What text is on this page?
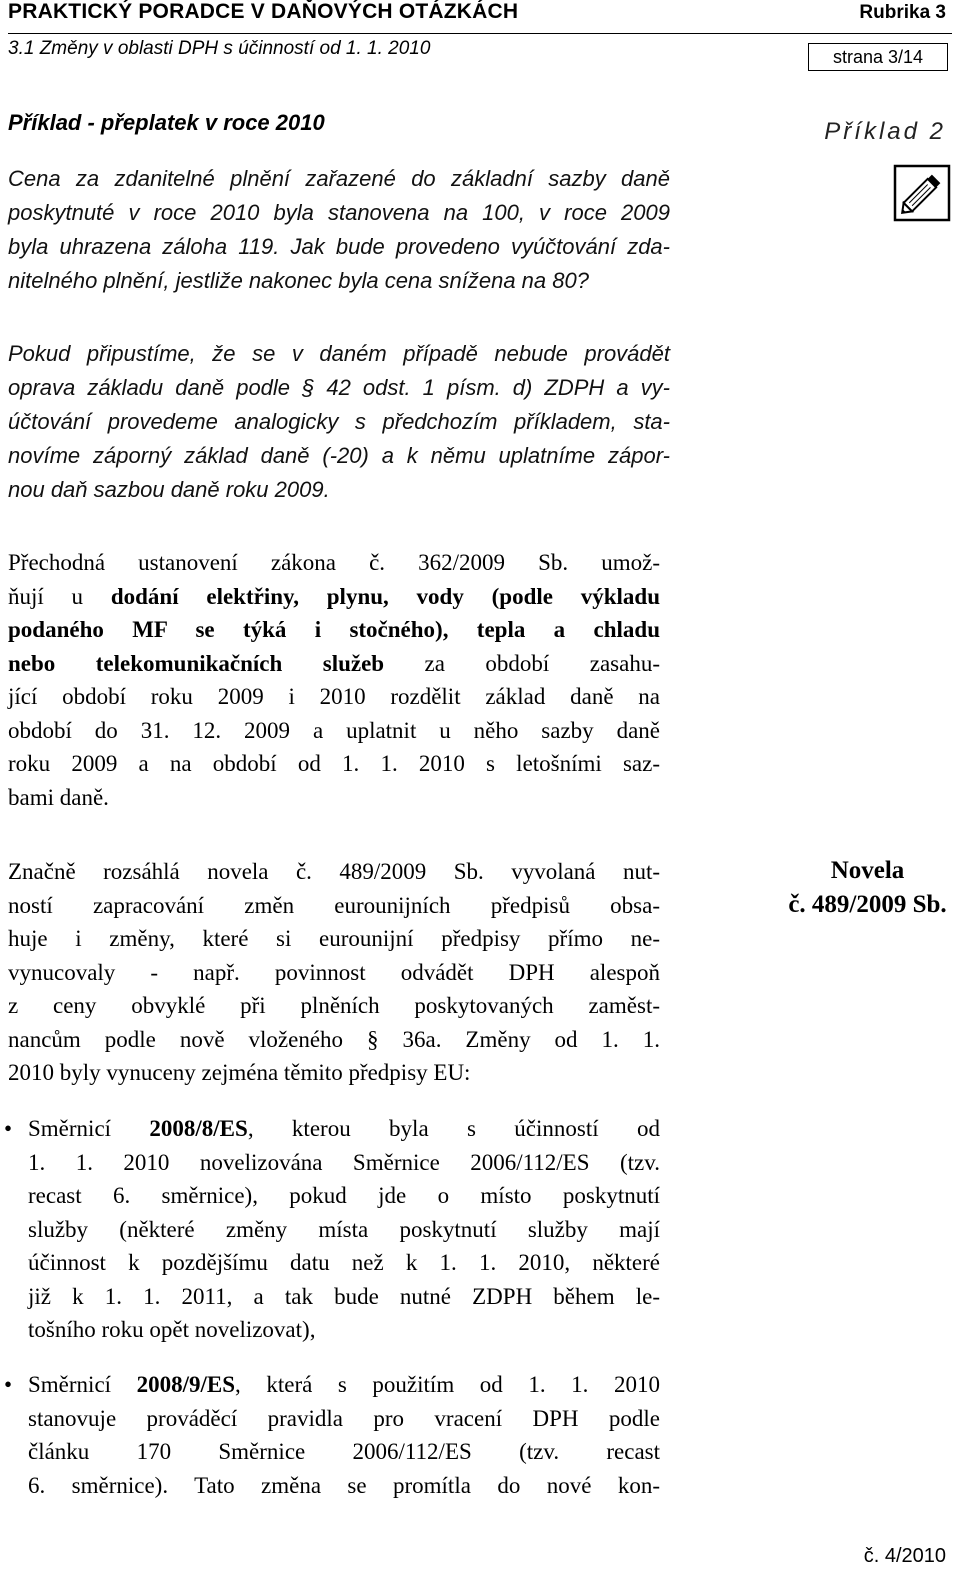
PRAKTICKÝ PORADCE V DAŇOVÝCH OTÁZKÁCH	Rubrika 3
3.1 Změny v oblasti DPH s účinností od 1. 1. 2010	strana 3/14
Příklad - přeplatek v roce 2010	Příklad 2
Cena za zdanitelné plnění zařazené do základní sazby daně
poskytnuté v roce 2010 byla stanovena na 100, v roce 2009
byla uhrazena záloha 119. Jak bude provedeno vyúčtování zda-
nitelného plnění, jestliže nakonec byla cena snížena na 80?
Pokud připustíme, že se v daném případě nebude provádět
oprava základu daně podle § 42 odst. 1 písm. d) ZDPH a vy-
účtování provedeme analogicky s předchozím příkladem, sta-
novíme záporný základ daně (-20) a k němu uplatníme zápor-
nou daň sazbou daně roku 2009.
Přechodná ustanovení zákona č. 362/2009 Sb. umož-
ňují u dodání elektřiny, plynu, vody (podle výkladu
podaného MF se týká i stočného), tepla a chladu
nebo telekomunikačních služeb za období zasahu-
jící období roku 2009 i 2010 rozdělit základ daně na
období do 31. 12. 2009 a uplatnit u něho sazby daně
roku 2009 a na období od 1. 1. 2010 s letošními saz-
bami daně.
Značně rozsáhlá novela č. 489/2009 Sb. vyvolaná nut-
ností zapracování změn eurounijních předpisů obsa-
huje i změny, které si eurounijní předpisy přímo ne-
vynucovaly - např. povinnost odvádět DPH alespoň
z ceny obvyklé při plněních poskytovaných zaměst-
nancům podle nově vloženého § 36a. Změny od 1. 1.
2010 byly vynuceny zejména těmito předpisy EU:
Novela
č. 489/2009 Sb.
• Směrnicí 2008/8/ES, kterou byla s účinností od
1. 1. 2010 novelizována Směrnice 2006/112/ES (tzv.
recast 6. směrnice), pokud jde o místo poskytnutí
služby (některé změny místa poskytnutí služby mají
účinnost k pozdějšímu datu než k 1. 1. 2010, některé
již k 1. 1. 2011, a tak bude nutné ZDPH během le-
tošního roku opět novelizovat),
• Směrnicí 2008/9/ES, která s použitím od 1. 1. 2010
stanovuje prováděcí pravidla pro vracení DPH podle
článku 170 Směrnice 2006/112/ES (tzv. recast
6. směrnice). Tato změna se promítla do nové kon-
č. 4/2010
